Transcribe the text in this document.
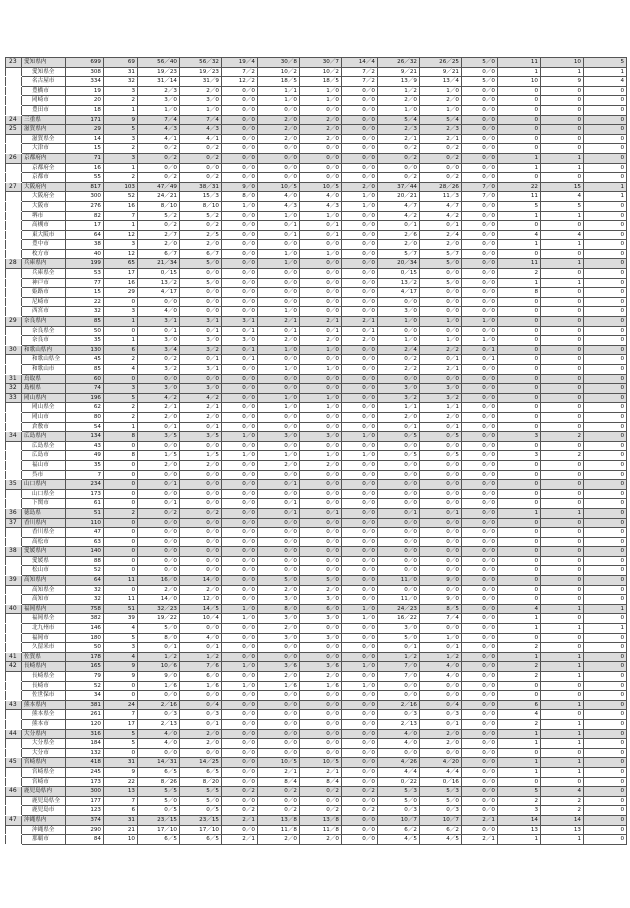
23	愛知県内	699	69	56／40	56／32	19／4	30／8	30／7	14／4	26／32	26／25	5／0	11	10	5
	愛知県全	308	31	19／23	19／23	7／2	10／2	10／2	7／2	9／21	9／21	0／0	1	1	1
	名古屋市	334	32	31／14	31／9	12／2	18／5	18／5	7／2	13／9	13／4	5／0	10	9	4
	豊橋市	19	3	2／3	2／0	0／0	1／1	1／0	0／0	1／2	1／0	0／0	0	0	0
	岡崎市	20	2	3／0	3／0	0／0	1／0	1／0	0／0	2／0	2／0	0／0	0	0	0
	豊田市	18	1	1／0	1／0	0／0	0／0	0／0	0／0	1／0	1／0	0／0	0	0	0
24	三重県	171	9	7／4	7／4	0／0	2／0	2／0	0／0	5／4	5／4	0／0	0	0	0
25	滋賀県内	29	5	4／3	4／3	0／0	2／0	2／0	0／0	2／3	2／3	0／0	0	0	0
	滋賀県全	14	3	4／1	4／1	0／0	2／0	2／0	0／0	2／1	2／1	0／0	0	0	0
	大津市	15	2	0／2	0／2	0／0	0／0	0／0	0／0	0／2	0／2	0／0	0	0	0
26	京都府内	71	3	0／2	0／2	0／0	0／0	0／0	0／0	0／2	0／2	0／0	1	1	0
	京都府全	16	1	0／0	0／0	0／0	0／0	0／0	0／0	0／0	0／0	0／0	1	1	0
	京都市	55	2	0／2	0／2	0／0	0／0	0／0	0／0	0／2	0／2	0／0	0	0	0
27	大阪府内	817	103	47／49	38／31	9／0	10／5	10／5	2／0	37／44	28／26	7／0	22	15	1
	大阪府全	300	52	24／21	15／3	8／0	4／0	4／0	1／0	20／21	11／3	7／0	11	4	1
	大阪市	276	16	8／10	8／10	1／0	4／3	4／3	1／0	4／7	4／7	0／0	5	5	0
	堺市	82	7	5／2	5／2	0／0	1／0	1／0	0／0	4／2	4／2	0／0	1	1	0
	高槻市	17	1	0／2	0／2	0／0	0／1	0／1	0／0	0／1	0／1	0／0	0	0	0
	東大阪市	64	12	2／7	2／5	0／0	0／1	0／1	0／0	2／6	2／4	0／0	4	4	0
	豊中市	38	3	2／0	2／0	0／0	0／0	0／0	0／0	2／0	2／0	0／0	1	1	0
	枚方市	40	12	6／7	6／7	0／0	1／0	1／0	0／0	5／7	5／7	0／0	0	0	0
28	兵庫県内	199	65	21／34	5／0	0／0	1／0	0／0	0／0	20／34	5／0	0／0	11	1	0
	兵庫県全	53	17	0／15	0／0	0／0	0／0	0／0	0／0	0／15	0／0	0／0	2	0	0
	神戸市	77	16	13／2	5／0	0／0	0／0	0／0	0／0	13／2	5／0	0／0	1	1	0
	姫路市	15	29	4／17	0／0	0／0	0／0	0／0	0／0	4／17	0／0	0／0	8	0	0
	尼崎市	22	0	0／0	0／0	0／0	0／0	0／0	0／0	0／0	0／0	0／0	0	0	0
	西宮市	32	3	4／0	0／0	0／0	1／0	0／0	0／0	3／0	0／0	0／0	0	0	0
29	奈良県内	85	1	3／1	3／1	3／1	2／1	2／1	2／1	1／0	1／0	1／0	0	0	0
	奈良県全	50	0	0／1	0／1	0／1	0／1	0／1	0／1	0／0	0／0	0／0	0	0	0
	奈良市	35	1	3／0	3／0	3／0	2／0	2／0	2／0	1／0	1／0	1／0	0	0	0
30	和歌山県内	130	6	3／4	3／2	0／1	1／0	1／0	0／0	2／4	2／2	0／1	0	0	0
	和歌山県全	45	2	0／2	0／1	0／1	0／0	0／0	0／0	0／2	0／1	0／1	0	0	0
	和歌山市	85	4	3／2	3／1	0／0	1／0	1／0	0／0	2／2	2／1	0／0	0	0	0
31	鳥取県	60	0	0／0	0／0	0／0	0／0	0／0	0／0	0／0	0／0	0／0	0	0	0
32	島根県	74	3	3／0	3／0	0／0	0／0	0／0	0／0	3／0	3／0	0／0	0	0	0
33	岡山県内	196	5	4／2	4／2	0／0	1／0	1／0	0／0	3／2	3／2	0／0	0	0	0
	岡山県全	62	2	2／1	2／1	0／0	1／0	1／0	0／0	1／1	1／1	0／0	0	0	0
	岡山市	80	2	2／0	2／0	0／0	0／0	0／0	0／0	2／0	2／0	0／0	0	0	0
	倉敷市	54	1	0／1	0／1	0／0	0／0	0／0	0／0	0／1	0／1	0／0	0	0	0
34	広島県内	134	8	3／5	3／5	1／0	3／0	3／0	1／0	0／5	0／5	0／0	3	2	0
	広島県全	43	0	0／0	0／0	0／0	0／0	0／0	0／0	0／0	0／0	0／0	0	0	0
	広島市	49	8	1／5	1／5	1／0	1／0	1／0	1／0	0／5	0／5	0／0	3	2	0
	福山市	35	0	2／0	2／0	0／0	2／0	2／0	0／0	0／0	0／0	0／0	0	0	0
	呉市	7	0	0／0	0／0	0／0	0／0	0／0	0／0	0／0	0／0	0／0	0	0	0
35	山口県内	234	0	0／1	0／0	0／0	0／1	0／0	0／0	0／0	0／0	0／0	0	0	0
	山口県全	173	0	0／0	0／0	0／0	0／0	0／0	0／0	0／0	0／0	0／0	0	0	0
	下関市	61	0	0／1	0／0	0／0	0／1	0／0	0／0	0／0	0／0	0／0	0	0	0
36	徳島県	51	2	0／2	0／2	0／0	0／1	0／1	0／0	0／1	0／1	0／0	1	1	0
37	香川県内	110	0	0／0	0／0	0／0	0／0	0／0	0／0	0／0	0／0	0／0	0	0	0
	香川県全	47	0	0／0	0／0	0／0	0／0	0／0	0／0	0／0	0／0	0／0	0	0	0
	高松市	63	0	0／0	0／0	0／0	0／0	0／0	0／0	0／0	0／0	0／0	0	0	0
38	愛媛県内	140	0	0／0	0／0	0／0	0／0	0／0	0／0	0／0	0／0	0／0	0	0	0
	愛媛県	88	0	0／0	0／0	0／0	0／0	0／0	0／0	0／0	0／0	0／0	0	0	0
	松山市	52	0	0／0	0／0	0／0	0／0	0／0	0／0	0／0	0／0	0／0	0	0	0
39	高知県内	64	11	16／0	14／0	0／0	5／0	5／0	0／0	11／0	9／0	0／0	0	0	0
	高知県全	32	0	2／0	2／0	0／0	2／0	2／0	0／0	0／0	0／0	0／0	0	0	0
	高知市	32	11	14／0	12／0	0／0	3／0	3／0	0／0	11／0	9／0	0／0	0	0	0
40	福岡県内	758	51	32／23	14／5	1／0	8／0	6／0	1／0	24／23	8／5	0／0	4	1	1
	福岡県全	382	39	19／22	10／4	1／0	3／0	3／0	1／0	16／22	7／4	0／0	1	0	0
	北九州市	146	4	5／0	0／0	0／0	2／0	0／0	0／0	3／0	0／0	0／0	1	1	1
	福岡市	180	5	8／0	4／0	0／0	3／0	3／0	0／0	5／0	1／0	0／0	0	0	0
	久留米市	50	3	0／1	0／1	0／0	0／0	0／0	0／0	0／1	0／1	0／0	2	0	0
41	佐賀県	178	4	1／2	1／2	0／0	0／0	0／0	0／0	1／2	1／2	0／0	1	1	0
42	長崎県内	165	9	10／6	7／6	1／0	3／6	3／6	1／0	7／0	4／0	0／0	2	1	0
	長崎県全	79	9	9／0	6／0	0／0	2／0	2／0	0／0	7／0	4／0	0／0	2	1	0
	長崎市	52	0	1／6	1／6	1／0	1／6	1／6	1／0	0／0	0／0	0／0	0	0	0
	佐世保市	34	0	0／0	0／0	0／0	0／0	0／0	0／0	0／0	0／0	0／0	0	0	0
43	熊本県内	381	24	2／16	0／4	0／0	0／0	0／0	0／0	2／16	0／4	0／0	6	1	0
	熊本県全	261	7	0／3	0／3	0／0	0／0	0／0	0／0	0／3	0／3	0／0	4	0	0
	熊本市	120	17	2／13	0／1	0／0	0／0	0／0	0／0	2／13	0／1	0／0	2	1	0
44	大分県内	316	5	4／0	2／0	0／0	0／0	0／0	0／0	4／0	2／0	0／0	1	1	0
	大分県全	184	5	4／0	2／0	0／0	0／0	0／0	0／0	4／0	2／0	0／0	1	1	0
	大分市	132	0	0／0	0／0	0／0	0／0	0／0	0／0	0／0	0／0	0／0	0	0	0
45	宮崎県内	418	31	14／31	14／25	0／0	10／5	10／5	0／0	4／26	4／20	0／0	1	1	0
	宮崎県全	245	9	6／5	6／5	0／0	2／1	2／1	0／0	4／4	4／4	0／0	1	1	0
	宮崎市	173	22	8／26	8／20	0／0	8／4	8／4	0／0	0／22	0／16	0／0	0	0	0
46	鹿児島県内	300	13	5／5	5／5	0／2	0／2	0／2	0／2	5／3	5／3	0／0	5	4	0
	鹿児島県全	177	7	5／0	5／0	0／0	0／0	0／0	0／0	5／0	5／0	0／0	2	2	0
	鹿児島市	123	6	0／5	0／5	0／2	0／2	0／2	0／2	0／3	0／3	0／0	3	2	0
47	沖縄県内	374	31	23／15	23／15	2／1	13／8	13／8	0／0	10／7	10／7	2／1	14	14	0
	沖縄県全	290	21	17／10	17／10	0／0	11／8	11／8	0／0	6／2	6／2	0／0	13	13	0
	那覇市	84	10	6／5	6／5	2／1	2／0	2／0	0／0	4／5	4／5	2／1	1	1	0
